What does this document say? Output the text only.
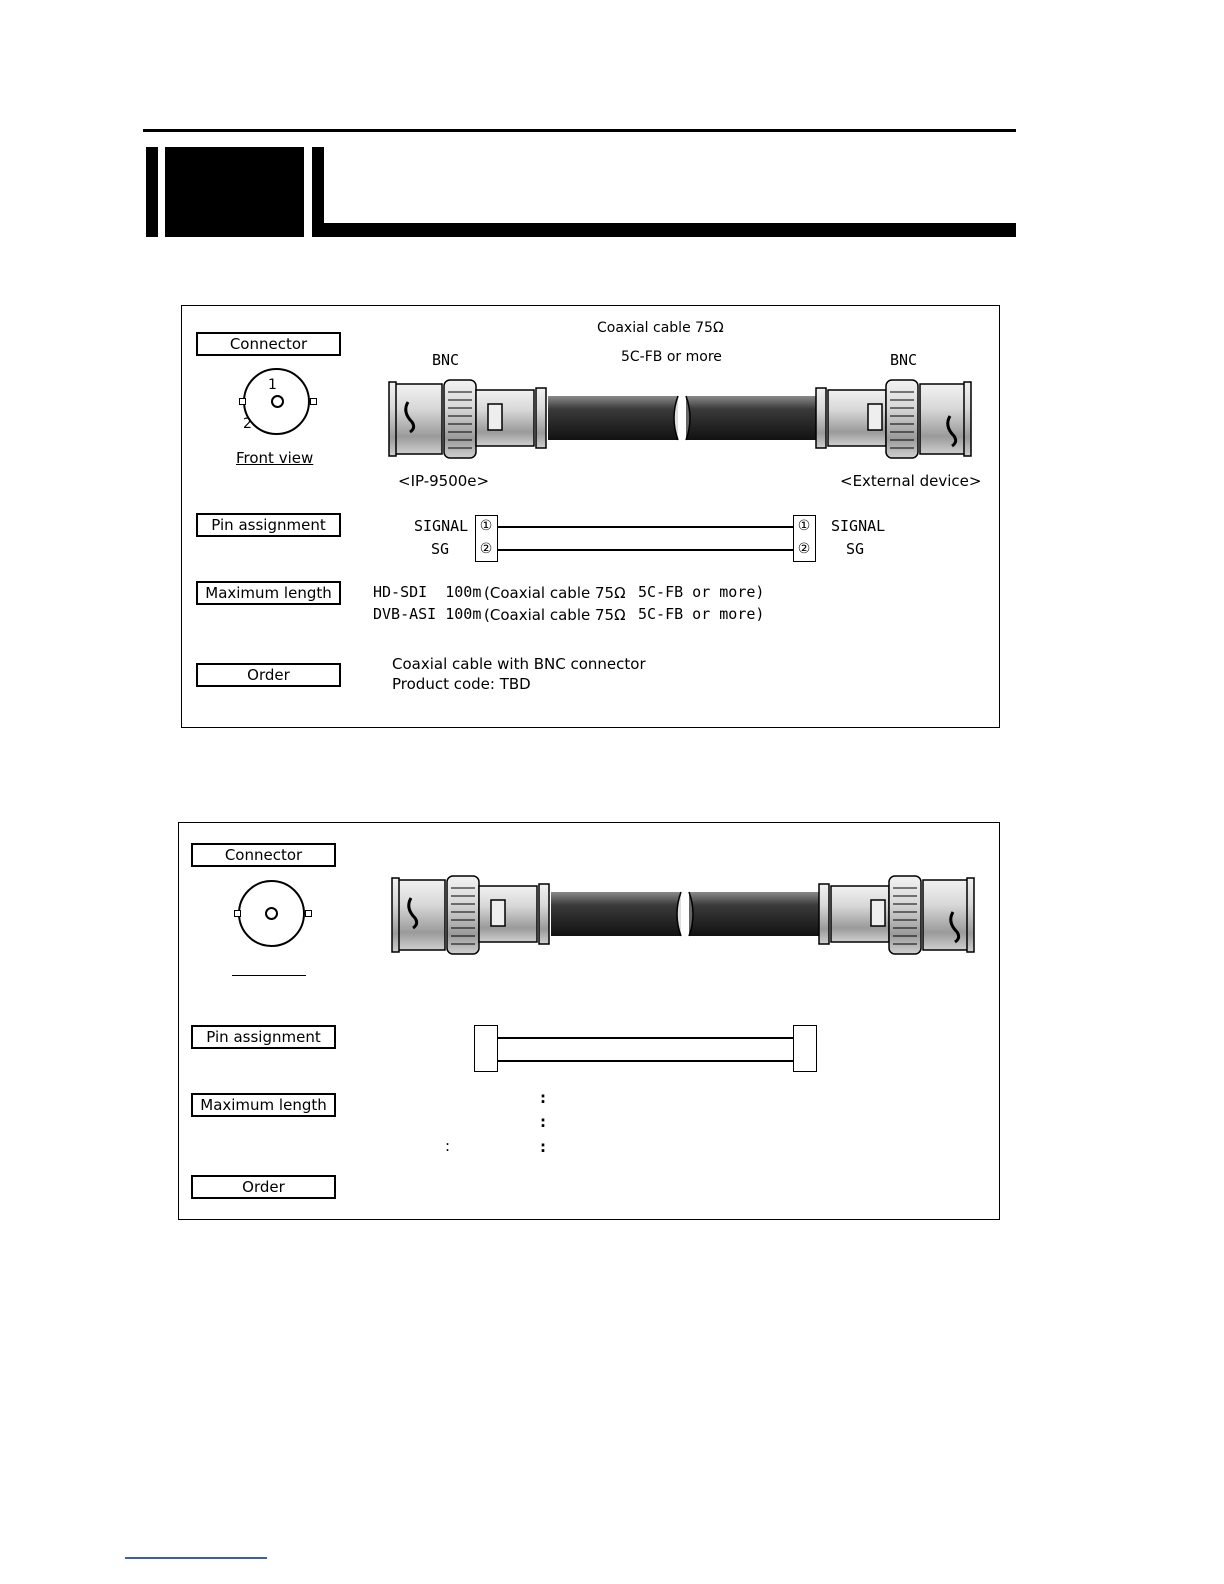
Connector
1
2
Front view
Coaxial cable 75Ω
5C-FB or more
BNC	BNC
<IP-9500e>	<External device>
Pin assignment	SIGNAL
SG
①
②
①
②
SIGNAL
SG
Maximum length	HD-SDI  100m (Coaxial cable 75Ω 5C-FB or more)
DVB-ASI 100m (Coaxial cable 75Ω 5C-FB or more)
Order
Coaxial cable with BNC connector
Product code: TBD
Connector
Pin assignment
Maximum length	:
:
:	:
Order
